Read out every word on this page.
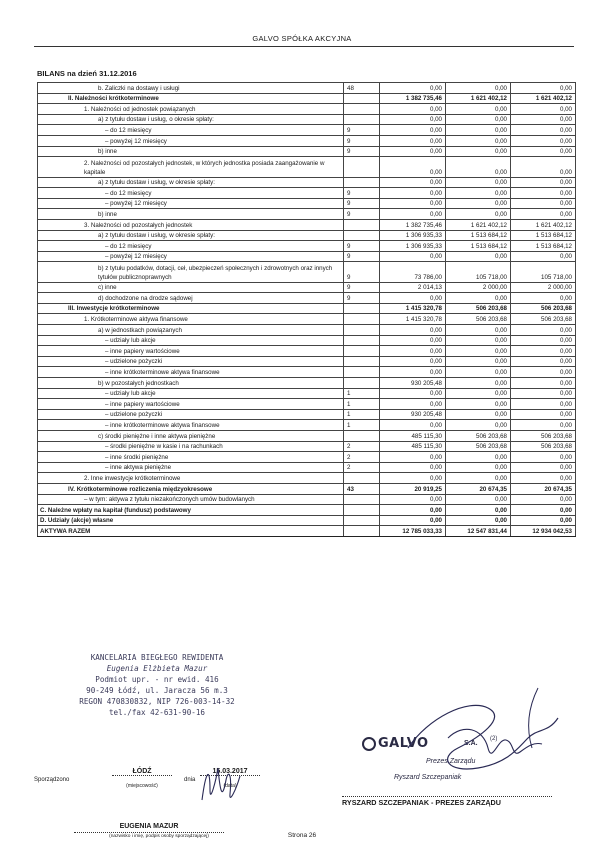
GALVO SPÓŁKA AKCYJNA
BILANS na dzień 31.12.2016
b. Zaliczki na dostawy i usługi	48	0,00	0,00	0,00
II. Należności krótkoterminowe		1 382 735,46	1 621 402,12	1 621 402,12
1. Należności od jednostek powiązanych		0,00	0,00	0,00
a) z tytułu dostaw i usług, o okresie spłaty:		0,00	0,00	0,00
– do 12 miesięcy	9	0,00	0,00	0,00
– powyżej 12 miesięcy	9	0,00	0,00	0,00
b) inne	9	0,00	0,00	0,00
2. Należności od pozostałych jednostek, w których jednostka posiada zaangażowanie w kapitale		0,00	0,00	0,00
a) z tytułu dostaw i usług, w okresie spłaty:		0,00	0,00	0,00
– do 12 miesięcy	9	0,00	0,00	0,00
– powyżej 12 miesięcy	9	0,00	0,00	0,00
b) inne	9	0,00	0,00	0,00
3. Należności od pozostałych jednostek		1 382 735,46	1 621 402,12	1 621 402,12
a) z tytułu dostaw i usług, w okresie spłaty:		1 306 935,33	1 513 684,12	1 513 684,12
– do 12 miesięcy	9	1 306 935,33	1 513 684,12	1 513 684,12
– powyżej 12 miesięcy	9	0,00	0,00	0,00
b) z tytułu podatków, dotacji, ceł, ubezpieczeń społecznych i zdrowotnych oraz innych tytułów publicznoprawnych	9	73 786,00	105 718,00	105 718,00
c) inne	9	2 014,13	2 000,00	2 000,00
d) dochodzone na drodze sądowej	9	0,00	0,00	0,00
III. Inwestycje krótkoterminowe		1 415 320,78	506 203,68	506 203,68
1. Krótkoterminowe aktywa finansowe		1 415 320,78	506 203,68	506 203,68
a) w jednostkach powiązanych		0,00	0,00	0,00
– udziały lub akcje		0,00	0,00	0,00
– inne papiery wartościowe		0,00	0,00	0,00
– udzielone pożyczki		0,00	0,00	0,00
– inne krótkoterminowe aktywa finansowe		0,00	0,00	0,00
b) w pozostałych jednostkach		930 205,48	0,00	0,00
– udziały lub akcje	1	0,00	0,00	0,00
– inne papiery wartościowe	1	0,00	0,00	0,00
– udzielone pożyczki	1	930 205,48	0,00	0,00
– inne krótkoterminowe aktywa finansowe	1	0,00	0,00	0,00
c) środki pieniężne i inne aktywa pieniężne		485 115,30	506 203,68	506 203,68
– środki pieniężne w kasie i na rachunkach	2	485 115,30	506 203,68	506 203,68
– inne środki pieniężne	2	0,00	0,00	0,00
– inne aktywa pieniężne	2	0,00	0,00	0,00
2. Inne inwestycje krótkoterminowe		0,00	0,00	0,00
IV. Krótkoterminowe rozliczenia międzyokresowe	43	20 919,25	20 674,35	20 674,35
– w tym: aktywa z tytułu niezakończonych umów budowlanych		0,00	0,00	0,00
C. Należne wpłaty na kapitał (fundusz) podstawowy		0,00	0,00	0,00
D. Udziały (akcje) własne		0,00	0,00	0,00
AKTYWA RAZEM		12 785 033,33	12 547 831,44	12 934 042,53
KANCELARIA BIEGŁEGO REWIDENTA
Eugenia Elżbieta Mazur
Podmiot upr. - nr ewid. 416
90-249 Łódź, ul. Jaracza 56 m.3
REGON 470830832, NIP 726-003-14-32
tel./fax 42-631-90-16
Sporządzono
ŁÓDŹ
(miejscowość)
dnia
15.03.2017
(data)
EUGENIA MAZUR
(nazwisko i imię, podpis osoby sporządzającej)
GALVO	S.A.
(2)
Prezes Zarządu
Ryszard Szczepaniak
RYSZARD SZCZEPANIAK - PREZES ZARZĄDU
Strona 26
